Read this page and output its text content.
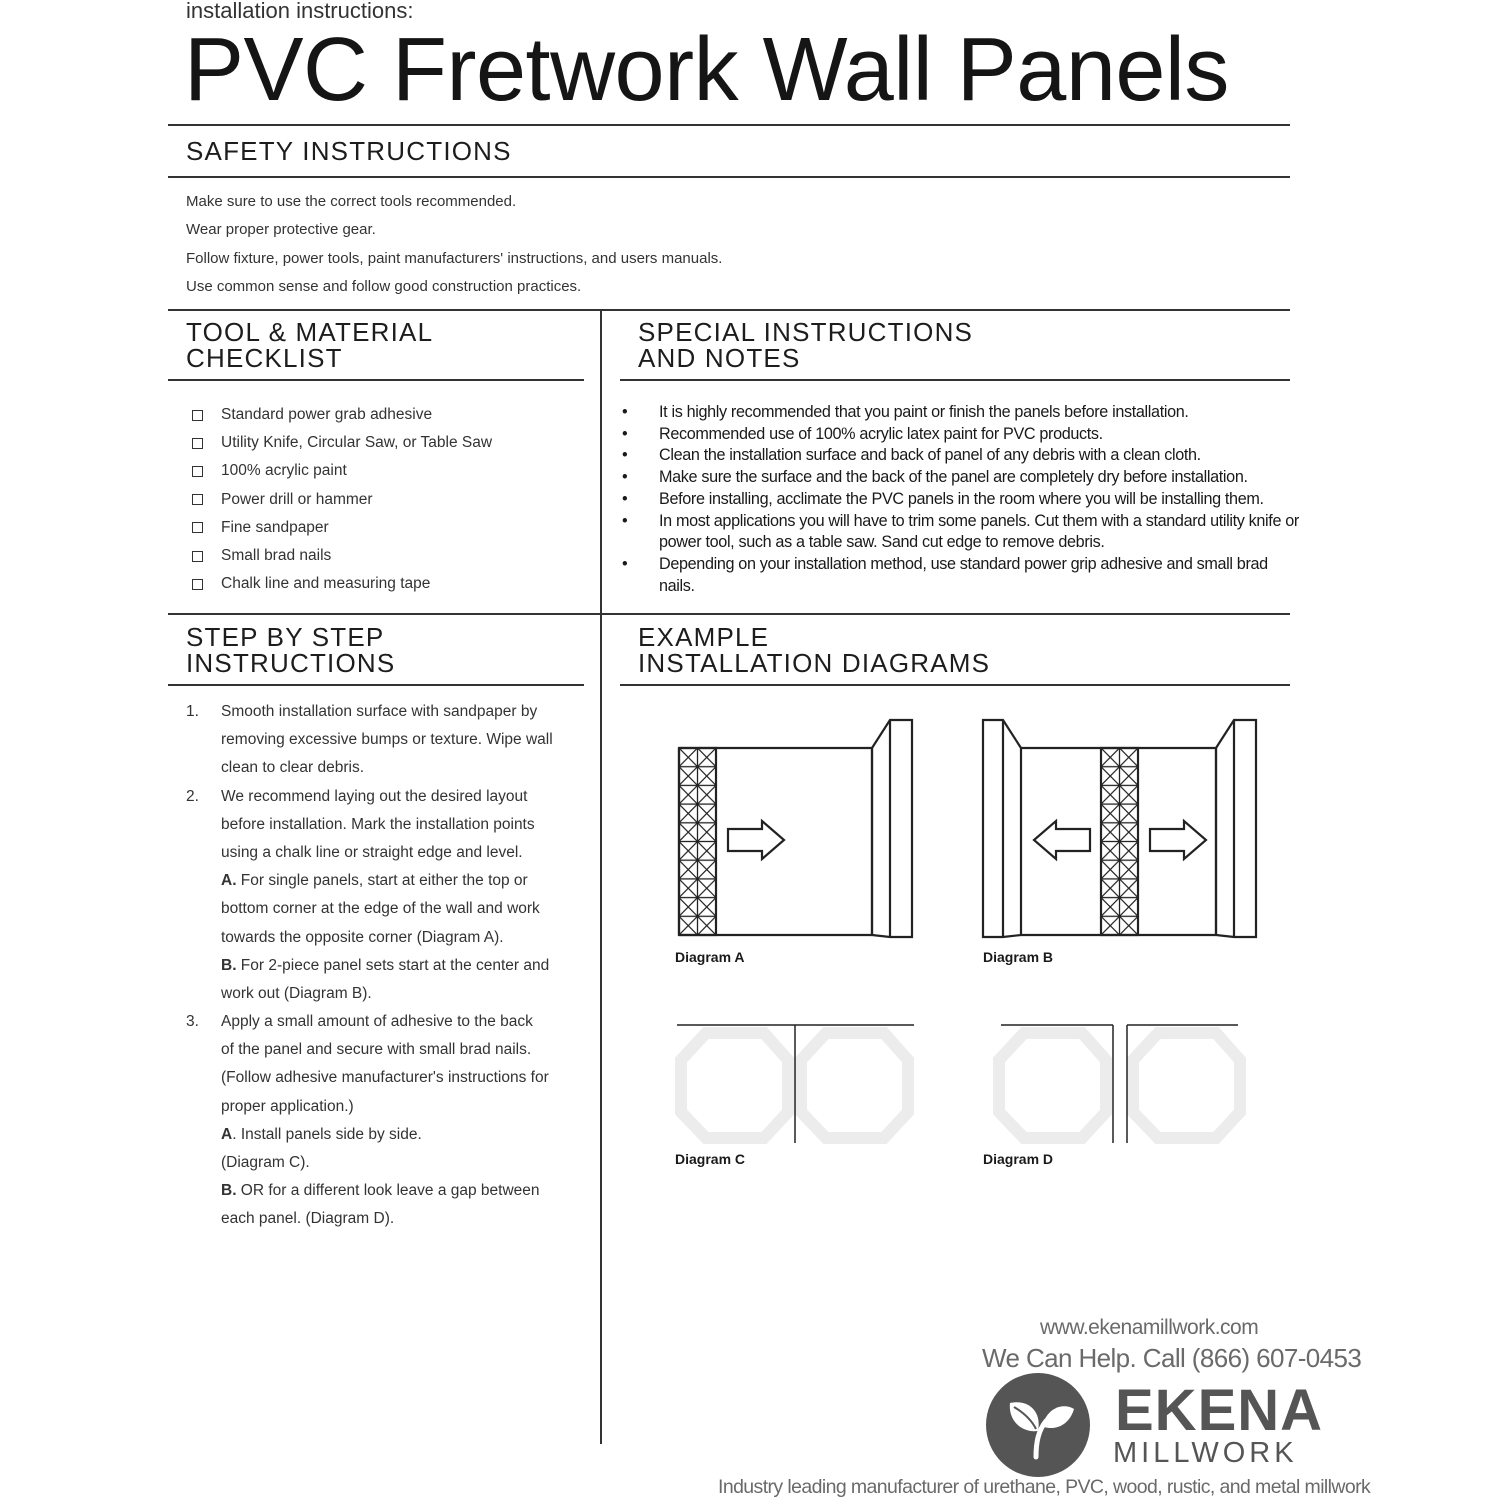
installation instructions:
PVC Fretwork Wall Panels
SAFETY INSTRUCTIONS
Make sure to use the correct tools recommended.
Wear proper protective gear.
Follow fixture, power tools, paint manufacturers' instructions, and users manuals.
Use common sense and follow good construction practices.
TOOL & MATERIAL
CHECKLIST
Standard power grab adhesive
Utility Knife, Circular Saw, or Table Saw
100% acrylic paint
Power drill or hammer
Fine sandpaper
Small brad nails
Chalk line and measuring tape
SPECIAL INSTRUCTIONS
AND NOTES
•	It is highly recommended that you paint or finish the panels before installation.
•	Recommended use of 100% acrylic latex paint for PVC products.
•	Clean the installation surface and back of panel of any debris with a clean cloth.
•	Make sure the surface and the back of the panel are completely dry before installation.
•	Before installing, acclimate the PVC panels in the room where you will be installing them.
•	In most applications you will have to trim some panels. Cut them with a standard utility knife or power tool, such as a table saw. Sand cut edge to remove debris.
•	Depending on your installation method, use standard power grip adhesive and small brad nails.
STEP BY STEP
INSTRUCTIONS
1. Smooth installation surface with sandpaper by
removing excessive bumps or texture. Wipe wall
clean to clear debris.
2. We recommend laying out the desired layout
before installation. Mark the installation points
using a chalk line or straight edge and level.
A. For single panels, start at either the top or
bottom corner at the edge of the wall and work
towards the opposite corner (Diagram A).
B. For 2-piece panel sets start at the center and
work out (Diagram B).
3. Apply a small amount of adhesive to the back
of the panel and secure with small brad nails.
(Follow adhesive manufacturer's instructions for
proper application.)
A. Install panels side by side.
(Diagram C).
B. OR for a different look leave a gap between
each panel. (Diagram D).
EXAMPLE
INSTALLATION DIAGRAMS
Diagram A	Diagram B
Diagram C	Diagram D
www.ekenamillwork.com
We Can Help. Call (866) 607-0453
EKENA
MILLWORK
Industry leading manufacturer of urethane, PVC, wood, rustic, and metal millwork
